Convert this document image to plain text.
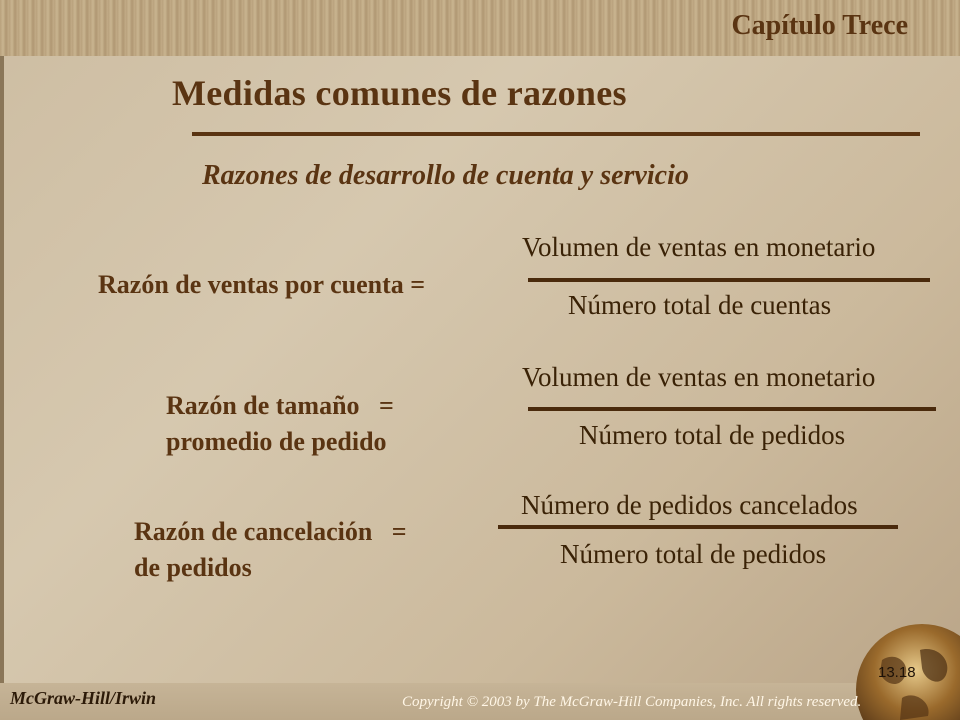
Capítulo Trece
Medidas comunes de razones
Razones de desarrollo de cuenta y servicio
Razón de ventas por cuenta =
Volumen de ventas en monetario
Número total de cuentas
Razón de tamaño   =
promedio de pedido
Volumen de ventas en monetario
Número total de pedidos
Razón de cancelación   =
de pedidos
Número de pedidos cancelados
Número total de pedidos
McGraw-Hill/Irwin	Copyright © 2003 by The McGraw-Hill Companies, Inc. All rights reserved.
13.18
